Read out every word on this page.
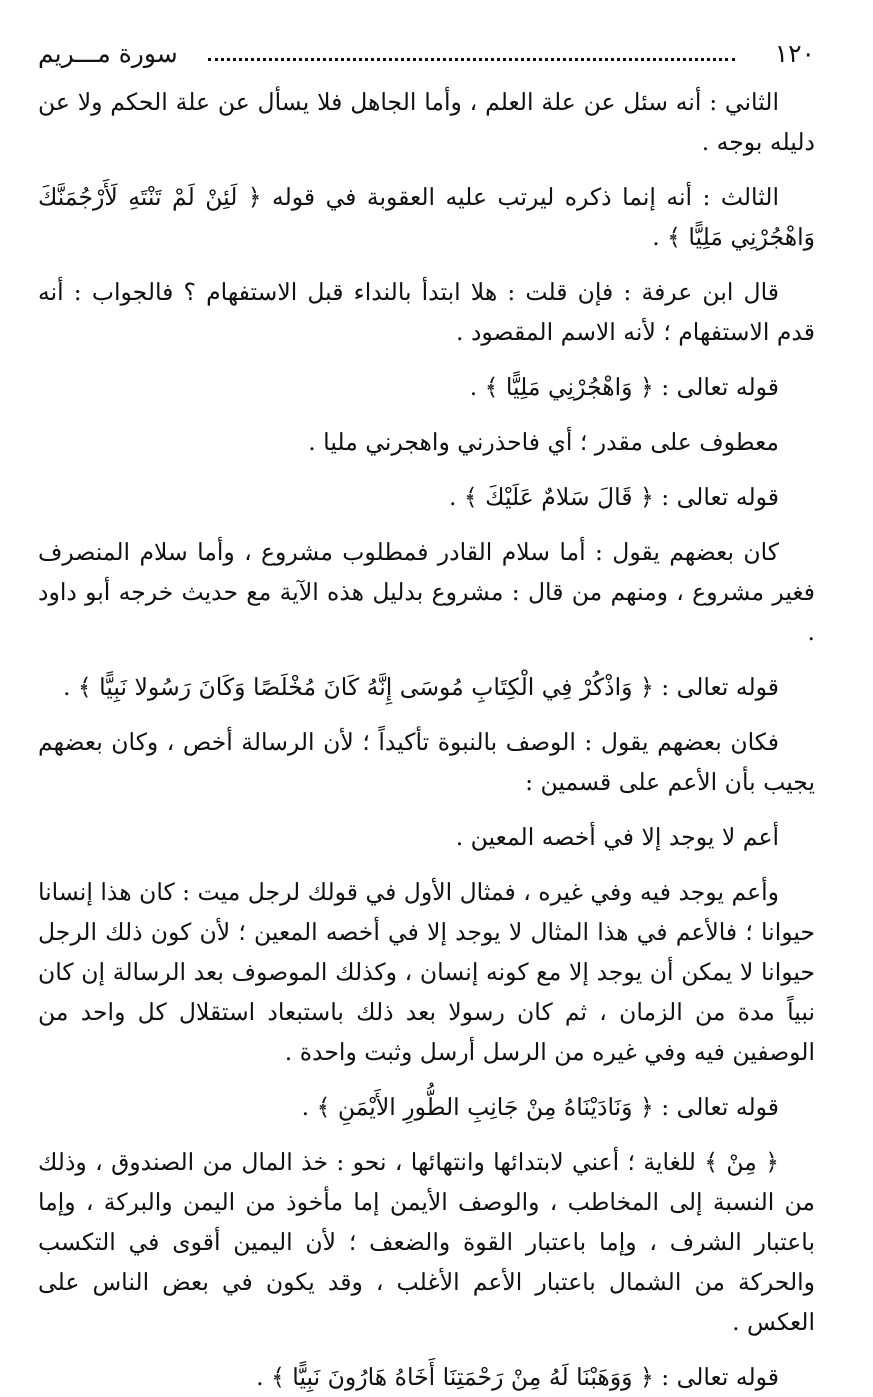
١٢٠
سورة مـــريم

الثاني : أنه سئل عن علة العلم ، وأما الجاهل فلا يسأل عن علة الحكم ولا عن دليله بوجه .

الثالث : أنه إنما ذكره ليرتب عليه العقوبة في قوله ﴿ لَئِنْ لَمْ تَنْتَهِ لَأَرْجُمَنَّكَ وَاهْجُرْنِي مَلِيًّا ﴾ .

قال ابن عرفة : فإن قلت : هلا ابتدأ بالنداء قبل الاستفهام ؟ فالجواب : أنه قدم الاستفهام ؛ لأنه الاسم المقصود .

قوله تعالى : ﴿ وَاهْجُرْنِي مَلِيًّا ﴾ .

معطوف على مقدر ؛ أي فاحذرني واهجرني مليا .

قوله تعالى : ﴿ قَالَ سَلامٌ عَلَيْكَ ﴾ .

كان بعضهم يقول : أما سلام القادر فمطلوب مشروع ، وأما سلام المنصرف فغير مشروع ، ومنهم من قال : مشروع بدليل هذه الآية مع حديث خرجه أبو داود .

قوله تعالى : ﴿ وَاذْكُرْ فِي الْكِتَابِ مُوسَى إِنَّهُ كَانَ مُخْلَصًا وَكَانَ رَسُولا نَبِيًّا ﴾ .

فكان بعضهم يقول : الوصف بالنبوة تأكيداً ؛ لأن الرسالة أخص ، وكان بعضهم يجيب بأن الأعم على قسمين :

أعم لا يوجد إلا في أخصه المعين .

وأعم يوجد فيه وفي غيره ، فمثال الأول في قولك لرجل ميت : كان هذا إنسانا حيوانا ؛ فالأعم في هذا المثال لا يوجد إلا في أخصه المعين ؛ لأن كون ذلك الرجل حيوانا لا يمكن أن يوجد إلا مع كونه إنسان ، وكذلك الموصوف بعد الرسالة إن كان نبياً مدة من الزمان ، ثم كان رسولا بعد ذلك باستبعاد استقلال كل واحد من الوصفين فيه وفي غيره من الرسل أرسل وثبت واحدة .

قوله تعالى : ﴿ وَنَادَيْنَاهُ مِنْ جَانِبِ الطُّورِ الأَيْمَنِ ﴾ .

﴿ مِنْ ﴾ للغاية ؛ أعني لابتدائها وانتهائها ، نحو : خذ المال من الصندوق ، وذلك من النسبة إلى المخاطب ، والوصف الأيمن إما مأخوذ من اليمن والبركة ، وإما باعتبار الشرف ، وإما باعتبار القوة والضعف ؛ لأن اليمين أقوى في التكسب والحركة من الشمال باعتبار الأعم الأغلب ، وقد يكون في بعض الناس على العكس .

قوله تعالى : ﴿ وَوَهَبْنَا لَهُ مِنْ رَحْمَتِنَا أَخَاهُ هَارُونَ نَبِيًّا ﴾ .
